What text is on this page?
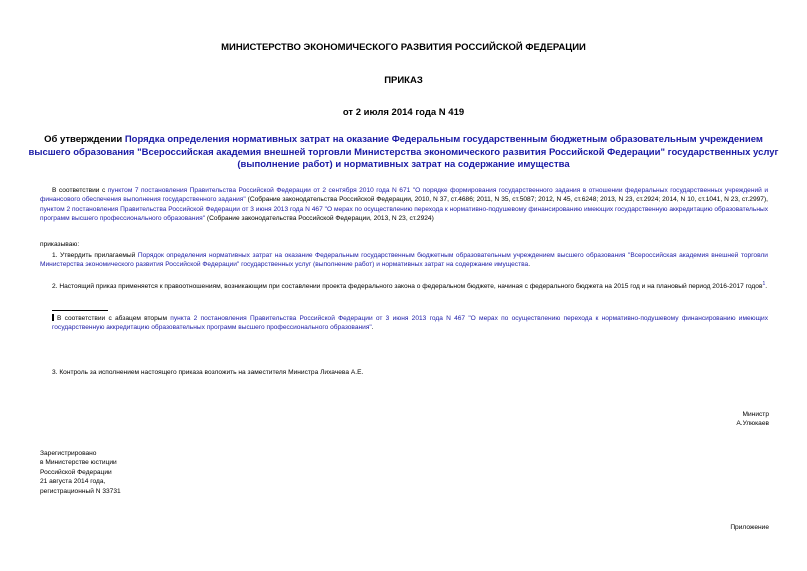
МИНИСТЕРСТВО ЭКОНОМИЧЕСКОГО РАЗВИТИЯ РОССИЙСКОЙ ФЕДЕРАЦИИ
ПРИКАЗ
от 2 июля 2014 года N 419
Об утверждении Порядка определения нормативных затрат на оказание Федеральным государственным бюджетным образовательным учреждением высшего образования "Всероссийская академия внешней торговли Министерства экономического развития Российской Федерации" государственных услуг (выполнение работ) и нормативных затрат на содержание имущества
В соответствии с пунктом 7 постановления Правительства Российской Федерации от 2 сентября 2010 года N 671 "О порядке формирования государственного задания в отношении федеральных государственных учреждений и финансового обеспечения выполнения государственного задания" (Собрание законодательства Российской Федерации, 2010, N 37, ст.4686; 2011, N 35, ст.5087; 2012, N 45, ст.6248; 2013, N 23, ст.2924; 2014, N 10, ст.1041, N 23, ст.2997), пунктом 2 постановления Правительства Российской Федерации от 3 июня 2013 года N 467 "О мерах по осуществлению перехода к нормативно-подушевому финансированию имеющих государственную аккредитацию образовательных программ высшего профессионального образования" (Собрание законодательства Российской Федерации, 2013, N 23, ст.2924)
приказываю:
1. Утвердить прилагаемый Порядок определения нормативных затрат на оказание Федеральным государственным бюджетным образовательным учреждением высшего образования "Всероссийская академия внешней торговли Министерства экономического развития Российской Федерации" государственных услуг (выполнение работ) и нормативных затрат на содержание имущества.
2. Настоящий приказ применяется к правоотношениям, возникающим при составлении проекта федерального закона о федеральном бюджете, начиная с федерального бюджета на 2015 год и на плановый период 2016-2017 годов$^1$.
В соответствии с абзацем вторым пункта 2 постановления Правительства Российской Федерации от 3 июня 2013 года N 467 "О мерах по осуществлению перехода к нормативно-подушевому финансированию имеющих государственную аккредитацию образовательных программ высшего профессионального образования".
3. Контроль за исполнением настоящего приказа возложить на заместителя Министра Лихачева А.Е.
Министр
А.Улюкаев
Зарегистрировано
в Министерстве юстиции
Российской Федерации
21 августа 2014 года,
регистрационный N 33731
Приложение
